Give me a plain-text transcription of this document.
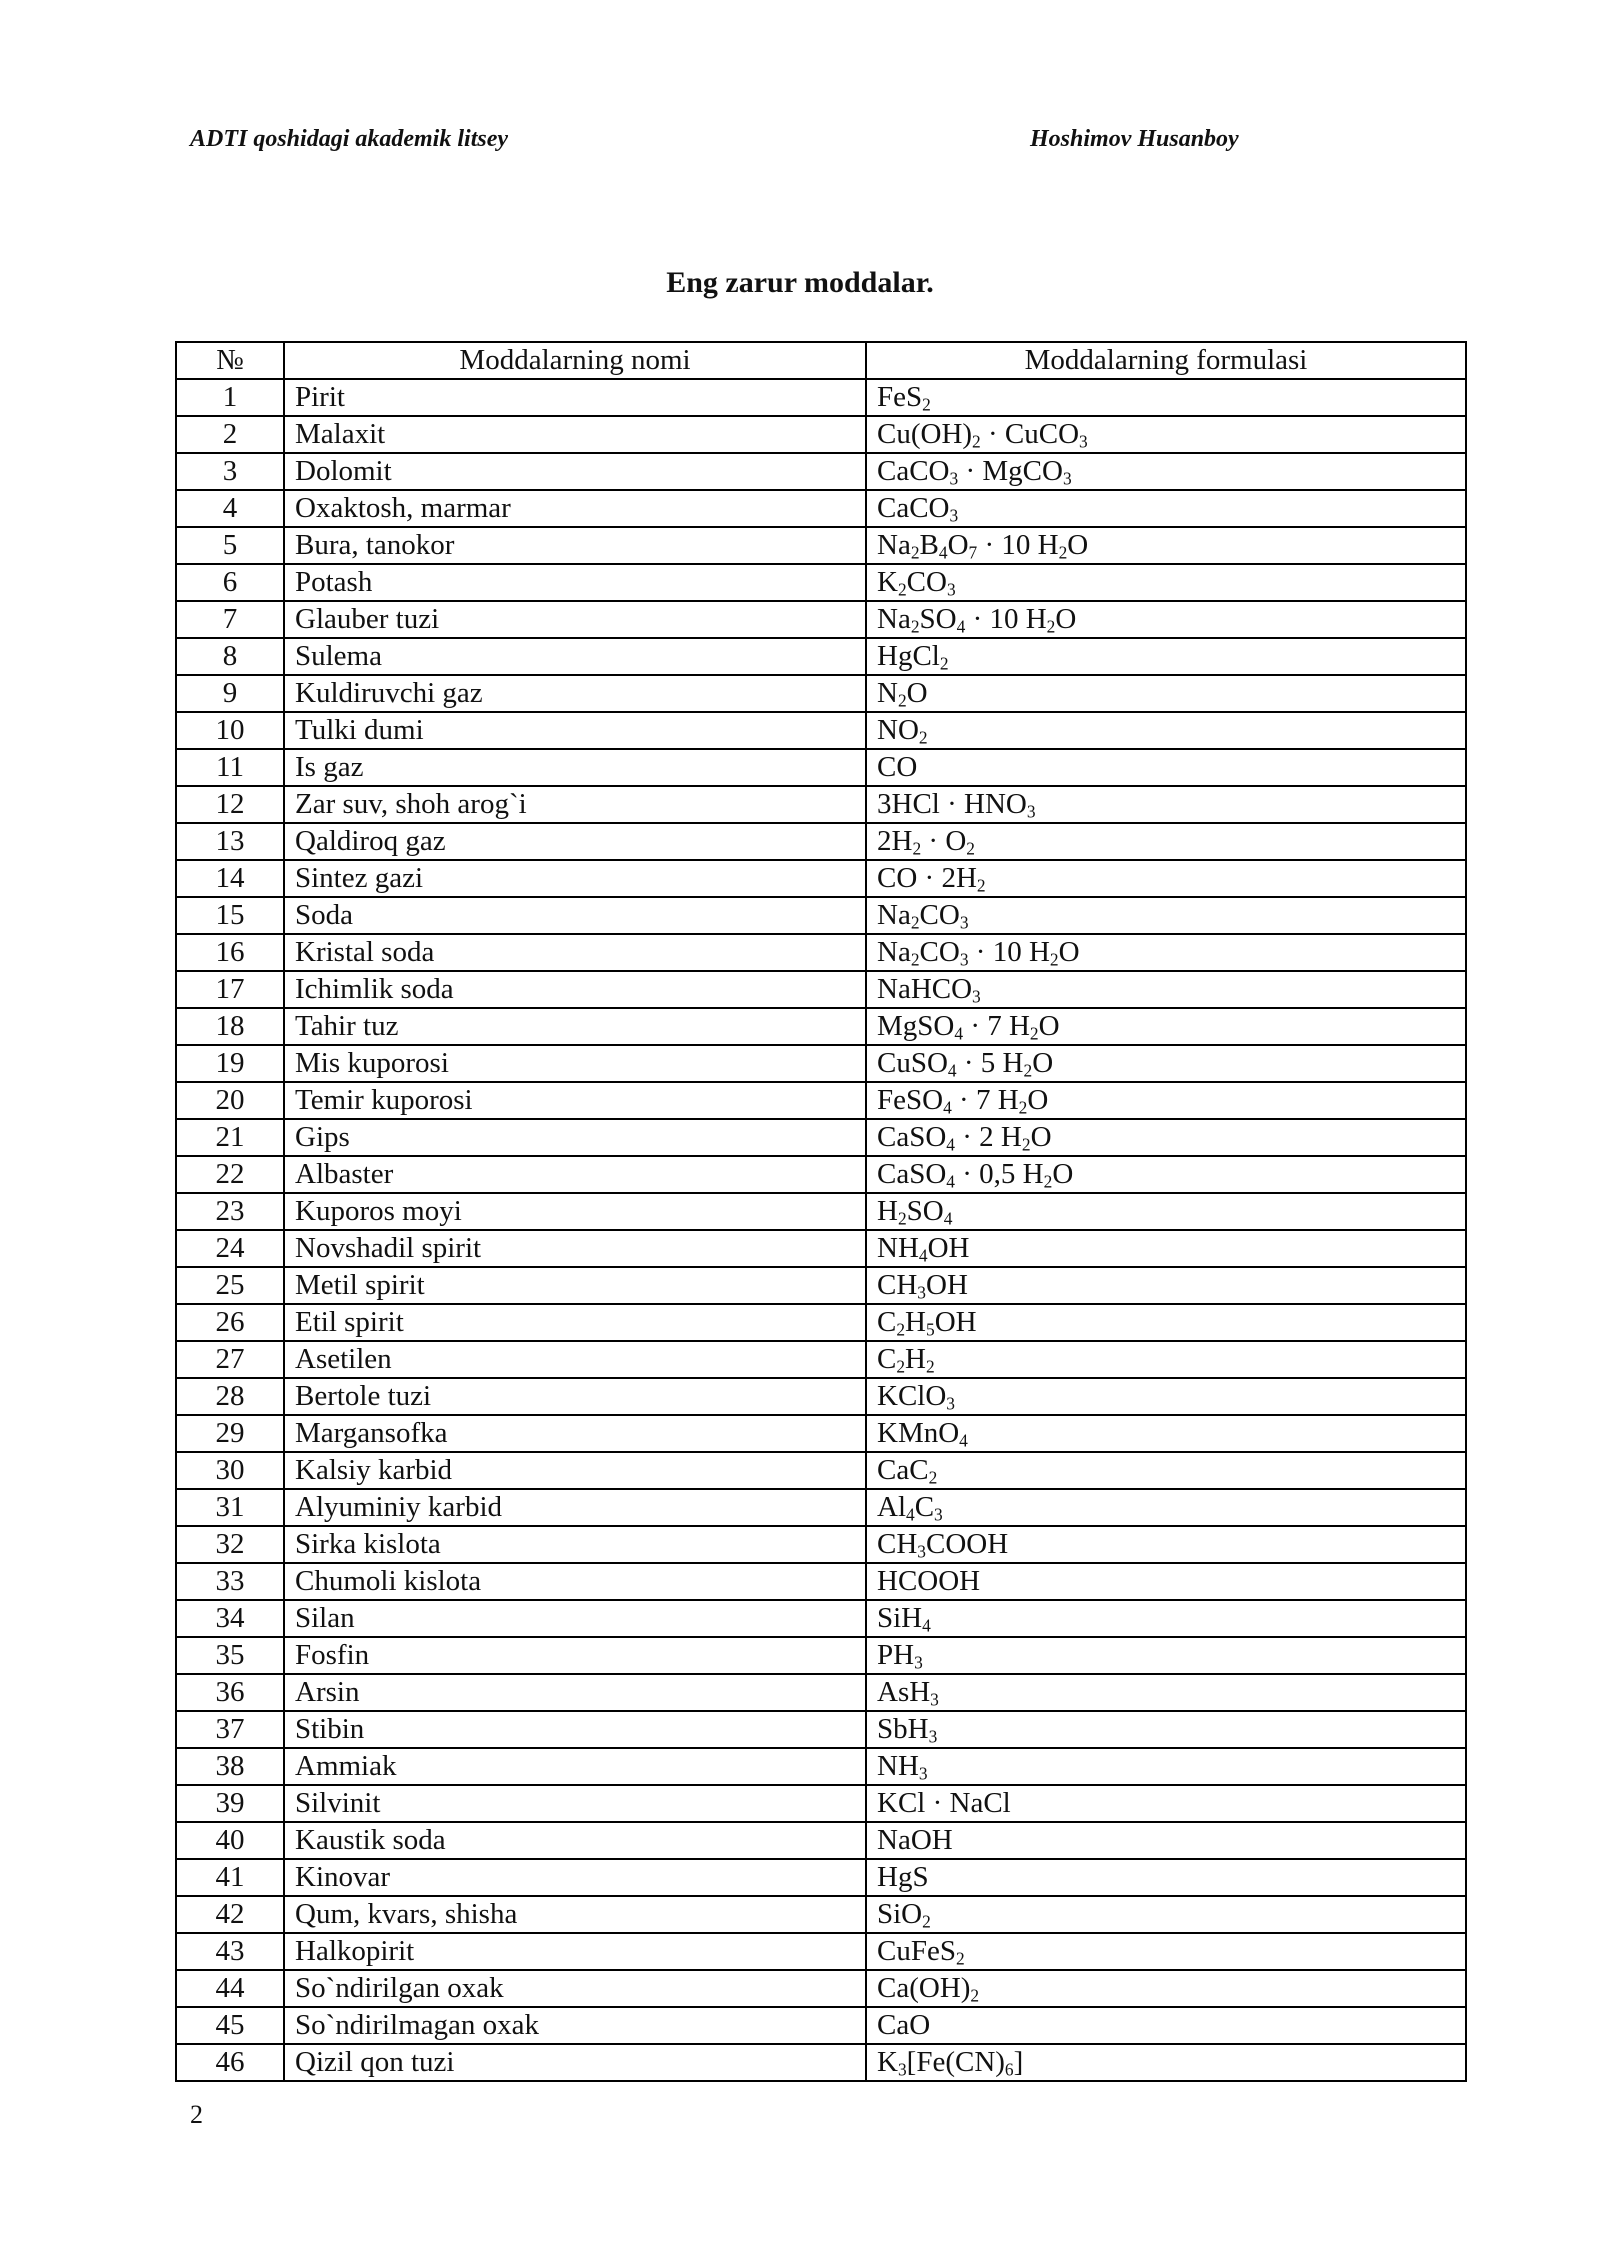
ADTI qoshidagi akademik litsey	Hoshimov Husanboy
Eng zarur moddalar.
№	Moddalarning nomi	Moddalarning formulasi
1	Pirit	FeS$_2$
2	Malaxit	$Cu(OH)_2$ · CuCO$_3$
3	Dolomit	CaCO$_3$ · MgCO$_3$
4	Oxaktosh, marmar	CaCO$_3$
5	Bura, tanokor	$Na_2B_4O_7 \cdot 10$ $H_2O$
6	Potash	$K_2CO_3$
7	Glauber tuzi	$Na_2SO_4 \cdot 10$ $H_2O$
8	Sulema	HgCl$_2$
9	Kuldiruvchi gaz	$N_2O$
10	Tulki dumi	$NO_2$
11	Is gaz	CO
12	Zar suv, shoh arog`i	$3HCl \cdot HNO_3$
13	Qaldiroq gaz	$2H_2 \cdot O_2$
14	Sintez gazi	CO · $2H_2$
15	Soda	$Na_2CO_3$
16	Kristal soda	$Na_2CO_3 \cdot 10$ $H_2O$
17	Ichimlik soda	NaHCO$_3$
18	Tahir tuz	MgSO$_4$ · 7 $H_2O$
19	Mis kuporosi	CuSO$_4$ · 5 $H_2O$
20	Temir kuporosi	FeSO$_4$ · 7 $H_2O$
21	Gips	CaSO$_4$ · 2 $H_2O$
22	Albaster	CaSO$_4$ · 0,5 $H_2O$
23	Kuporos moyi	$H_2SO_4$
24	Novshadil spirit	$NH_4OH$
25	Metil spirit	$CH_3OH$
26	Etil spirit	$C_2H_5OH$
27	Asetilen	$C_2H_2$
28	Bertole tuzi	KClO$_3$
29	Margansofka	KMnO$_4$
30	Kalsiy karbid	CaC$_2$
31	Alyuminiy karbid	$Al_4C_3$
32	Sirka kislota	$CH_3COOH$
33	Chumoli kislota	HCOOH
34	Silan	SiH$_4$
35	Fosfin	$PH_3$
36	Arsin	AsH$_3$
37	Stibin	SbH$_3$
38	Ammiak	$NH_3$
39	Silvinit	KCl · NaCl
40	Kaustik soda	NaOH
41	Kinovar	HgS
42	Qum, kvars, shisha	SiO$_2$
43	Halkopirit	CuFeS$_2$
44	So`ndirilgan oxak	$Ca(OH)_2$
45	So`ndirilmagan oxak	CaO
46	Qizil qon tuzi	$K_3[Fe(CN)_6]$
2
